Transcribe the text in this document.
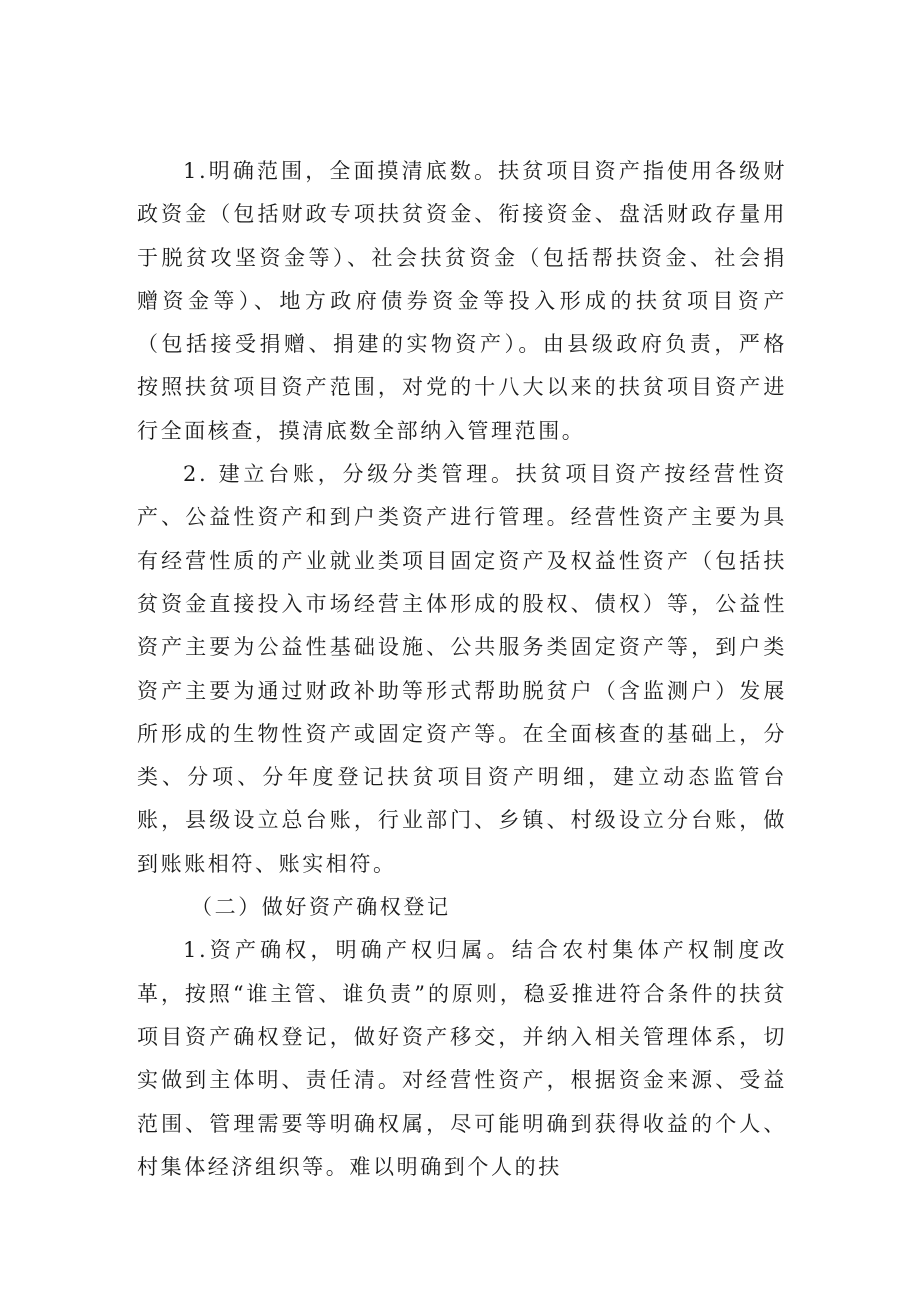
1.明确范围，全面摸清底数。扶贫项目资产指使用各级财政资金（包括财政专项扶贫资金、衔接资金、盘活财政存量用于脱贫攻坚资金等）、社会扶贫资金（包括帮扶资金、社会捐赠资金等）、地方政府债券资金等投入形成的扶贫项目资产（包括接受捐赠、捐建的实物资产）。由县级政府负责，严格按照扶贫项目资产范围，对党的十八大以来的扶贫项目资产进行全面核查，摸清底数全部纳入管理范围。

2. 建立台账，分级分类管理。扶贫项目资产按经营性资产、公益性资产和到户类资产进行管理。经营性资产主要为具有经营性质的产业就业类项目固定资产及权益性资产（包括扶贫资金直接投入市场经营主体形成的股权、债权）等，公益性资产主要为公益性基础设施、公共服务类固定资产等，到户类资产主要为通过财政补助等形式帮助脱贫户（含监测户）发展所形成的生物性资产或固定资产等。在全面核查的基础上，分类、分项、分年度登记扶贫项目资产明细，建立动态监管台账，县级设立总台账，行业部门、乡镇、村级设立分台账，做到账账相符、账实相符。

（二）做好资产确权登记

1.资产确权，明确产权归属。结合农村集体产权制度改革，按照“谁主管、谁负责”的原则，稳妥推进符合条件的扶贫项目资产确权登记，做好资产移交，并纳入相关管理体系，切实做到主体明、责任清。对经营性资产，根据资金来源、受益范围、管理需要等明确权属，尽可能明确到获得收益的个人、村集体经济组织等。难以明确到个人的扶
